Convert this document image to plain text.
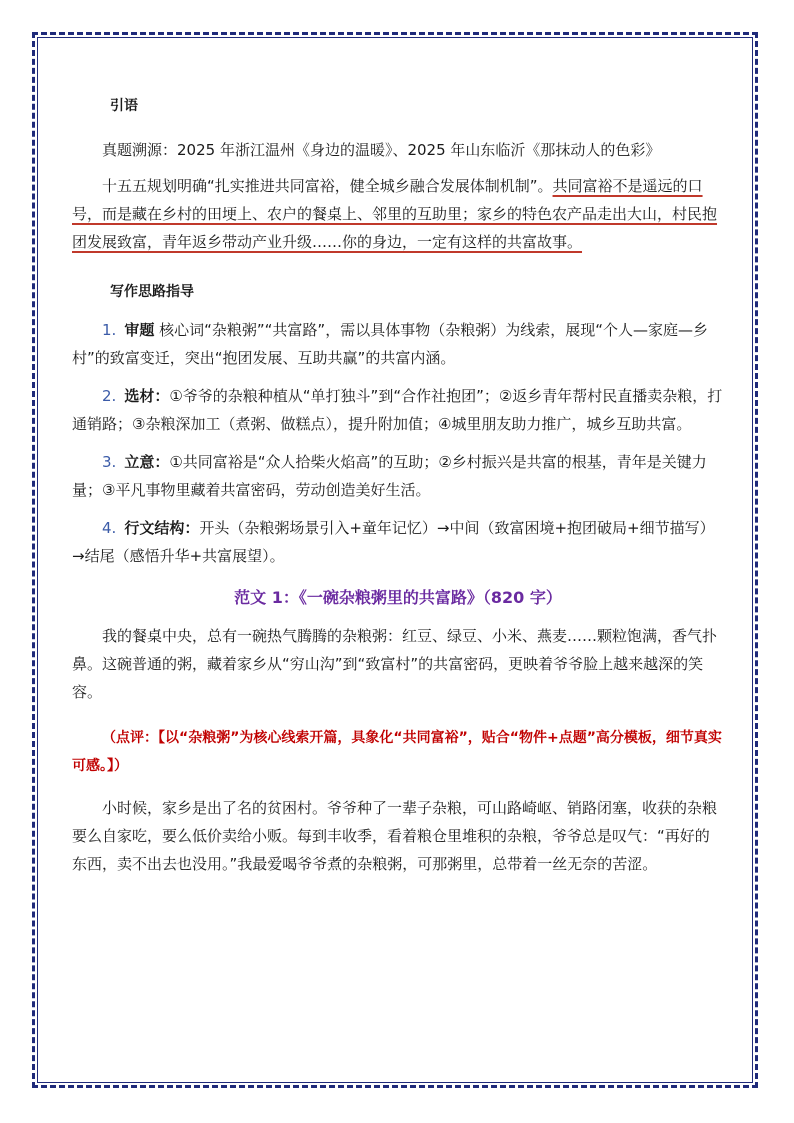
引语

真题溯源：2025 年浙江温州《身边的温暖》、2025 年山东临沂《那抹动人的色彩》

十五五规划明确“扎实推进共同富裕，健全城乡融合发展体制机制”。共同富裕不是遥远的口号，而是藏在乡村的田埂上、农户的餐桌上、邻里的互助里；家乡的特色农产品走出大山，村民抱团发展致富，青年返乡带动产业升级……你的身边，一定有这样的共富故事。

写作思路指导

1. 审题 核心词“杂粮粥”“共富路”，需以具体事物（杂粮粥）为线索，展现“个人—家庭—乡村”的致富变迁，突出“抱团发展、互助共赢”的共富内涵。

2. 选材：①爷爷的杂粮种植从“单打独斗”到“合作社抱团”；②返乡青年帮村民直播卖杂粮，打通销路；③杂粮深加工（煮粥、做糕点），提升附加值；④城里朋友助力推广，城乡互助共富。

3. 立意：①共同富裕是“众人拾柴火焰高”的互助；②乡村振兴是共富的根基，青年是关键力量；③平凡事物里藏着共富密码，劳动创造美好生活。

4. 行文结构：开头（杂粮粥场景引入+童年记忆）→中间（致富困境+抱团破局+细节描写）→结尾（感悟升华+共富展望）。

范文 1：《一碗杂粮粥里的共富路》（820 字）

我的餐桌中央，总有一碗热气腾腾的杂粮粥：红豆、绿豆、小米、燕麦……颗粒饱满，香气扑鼻。这碗普通的粥，藏着家乡从“穷山沟”到“致富村”的共富密码，更映着爷爷脸上越来越深的笑容。

（点评：【以“杂粮粥”为核心线索开篇，具象化“共同富裕”，贴合“物件+点题”高分模板，细节真实可感。】）

小时候，家乡是出了名的贫困村。爷爷种了一辈子杂粮，可山路崎岖、销路闭塞，收获的杂粮要么自家吃，要么低价卖给小贩。每到丰收季，看着粮仓里堆积的杂粮，爷爷总是叹气：“再好的东西，卖不出去也没用。”我最爱喝爷爷煮的杂粮粥，可那粥里，总带着一丝无奈的苦涩。
